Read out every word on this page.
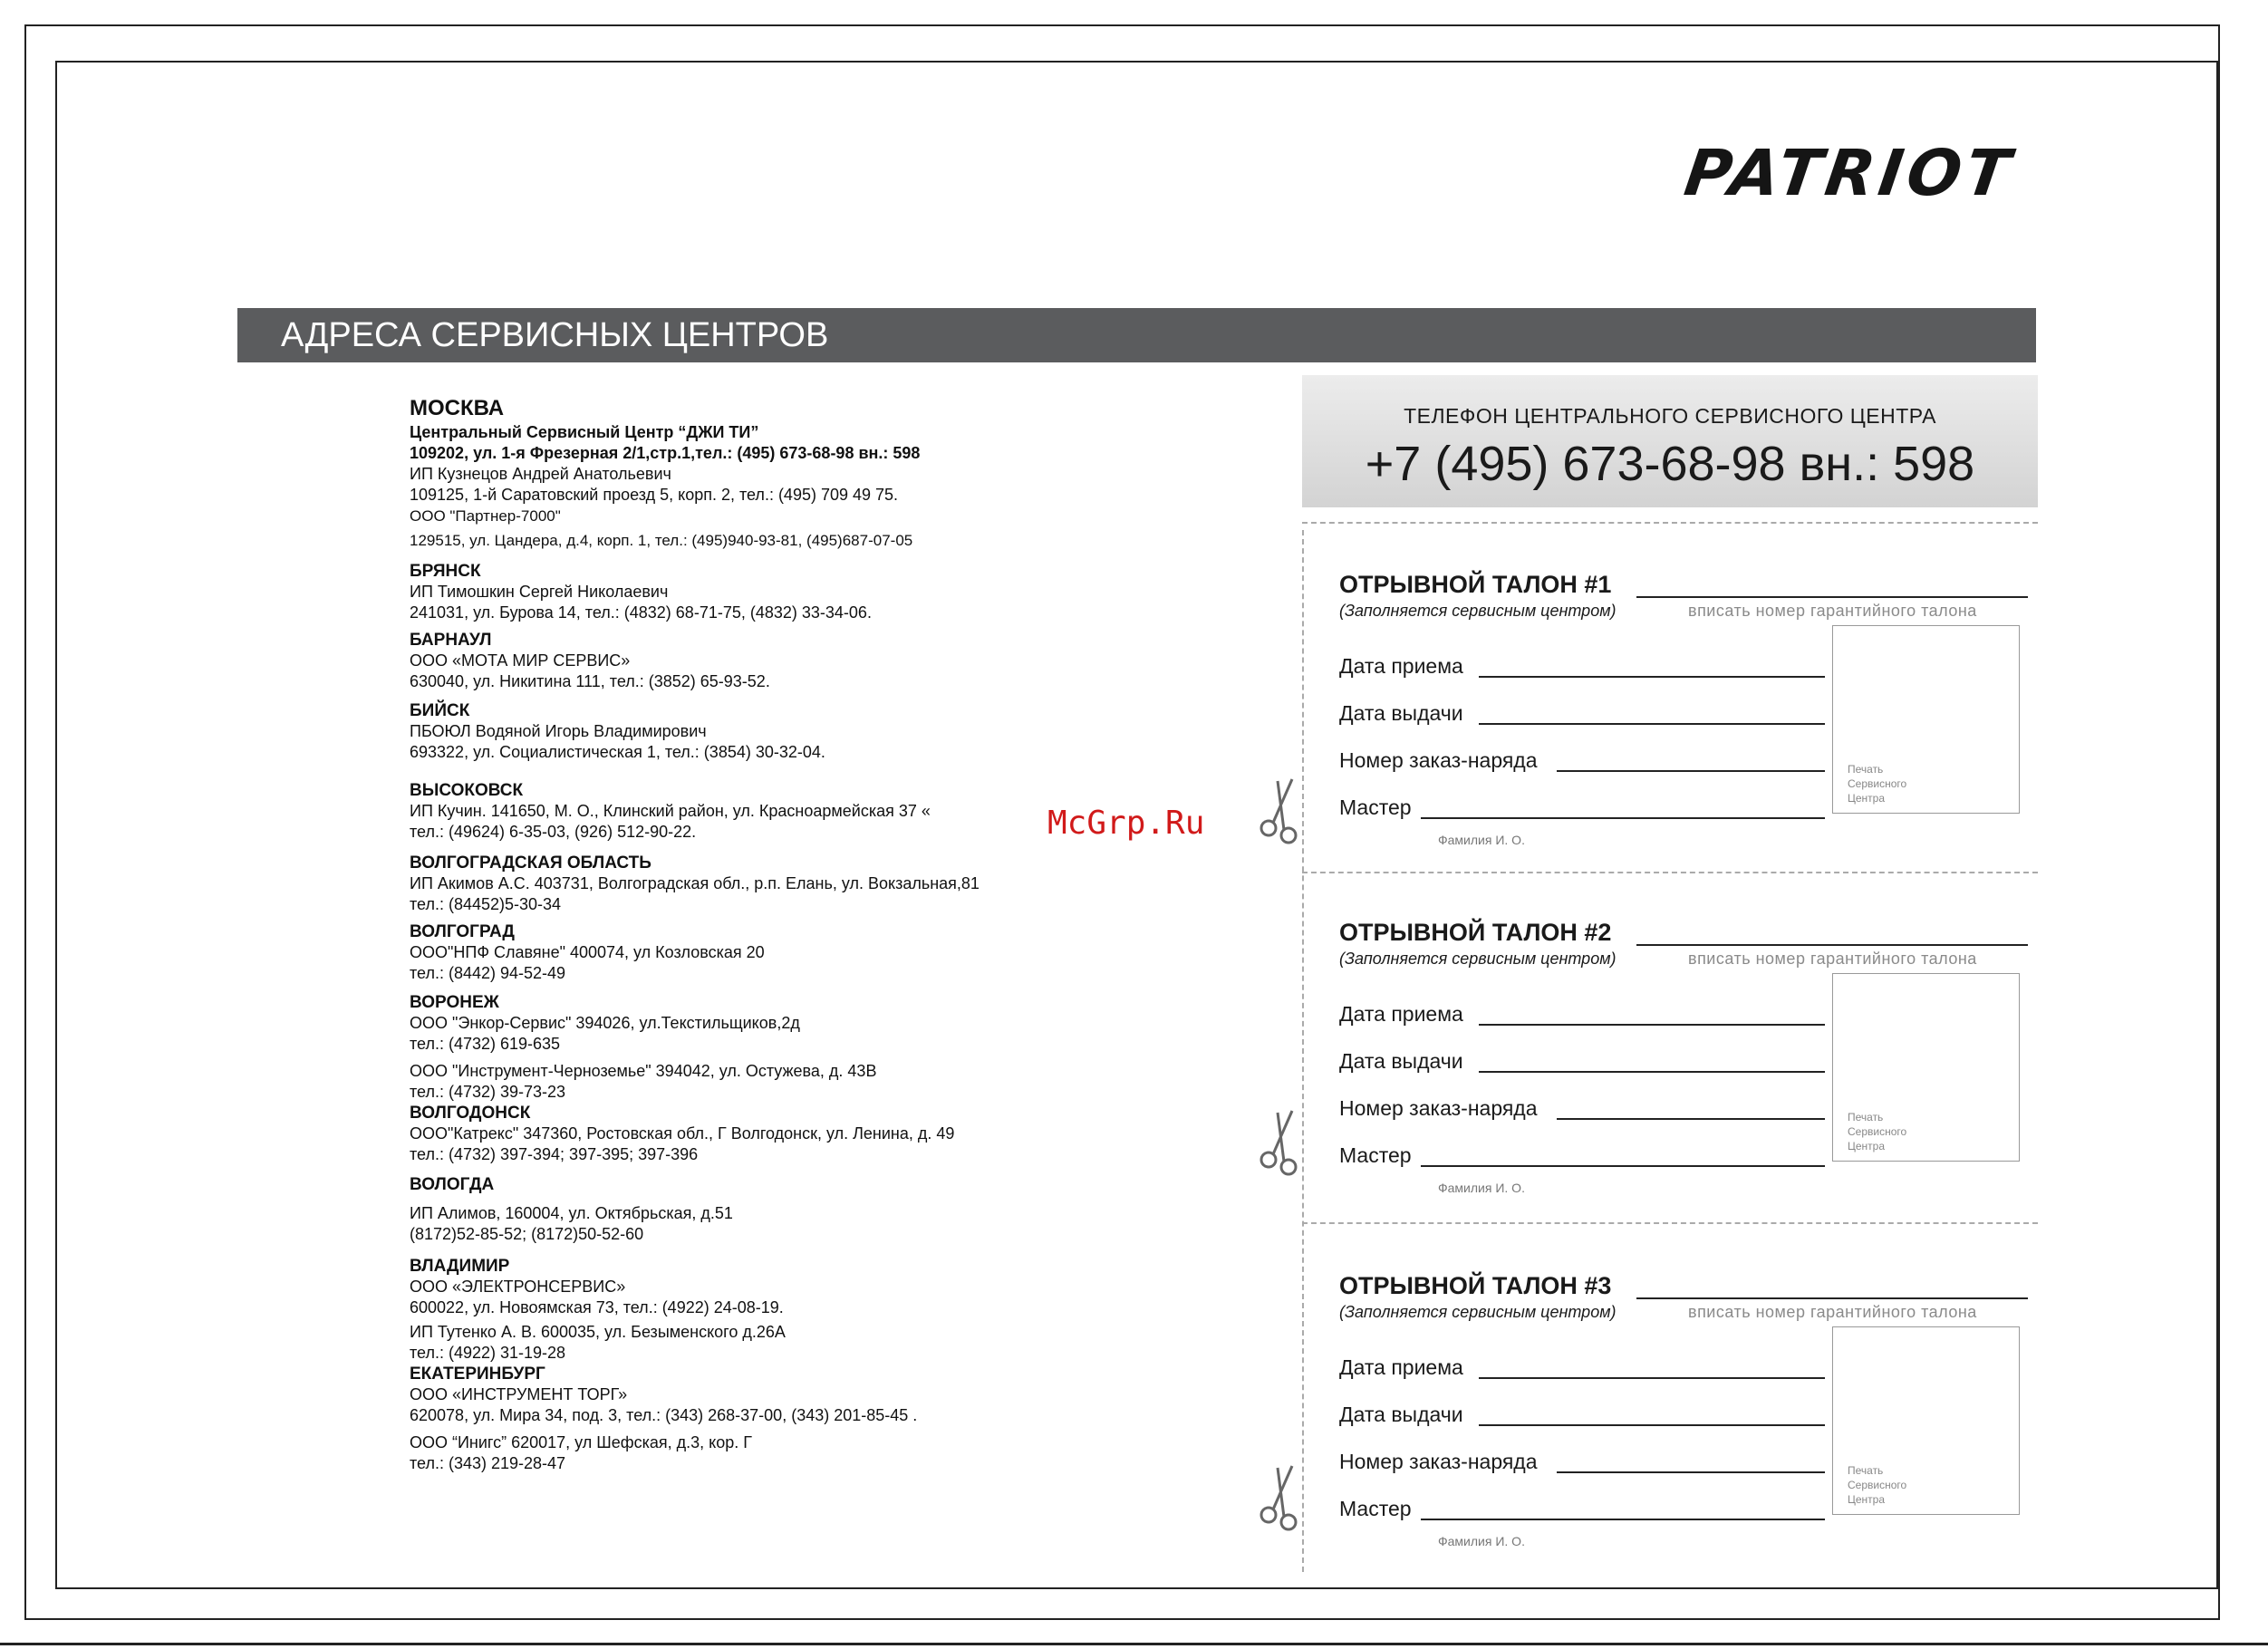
PATRIOT
АДРЕСА СЕРВИСНЫХ ЦЕНТРОВ
МОСКВА
Центральный Сервисный Центр “ДЖИ ТИ”
109202, ул. 1-я Фрезерная 2/1,стр.1,тел.: (495) 673-68-98 вн.: 598
ИП Кузнецов Андрей Анатольевич
109125, 1-й Саратовский проезд 5, корп. 2, тел.: (495) 709 49 75.
ООО "Партнер-7000"
129515, ул. Цандера, д.4, корп. 1, тел.: (495)940-93-81, (495)687-07-05
БРЯНСК
ИП Тимошкин Сергей Николаевич
241031, ул. Бурова 14, тел.: (4832) 68-71-75, (4832) 33-34-06.
БАРНАУЛ
ООО «МОТА МИР СЕРВИС»
630040, ул. Никитина 111, тел.: (3852) 65-93-52.
БИЙСК
ПБОЮЛ Водяной Игорь Владимирович
693322, ул. Социалистическая 1, тел.: (3854) 30-32-04.
ВЫСОКОВСК
ИП Кучин. 141650, М. О., Клинский район, ул. Красноармейская 37 «
тел.: (49624) 6-35-03, (926) 512-90-22.
ВОЛГОГРАДСКАЯ ОБЛАСТЬ
ИП Акимов А.С. 403731, Волгоградская обл., р.п. Елань, ул. Вокзальная,81
тел.: (84452)5-30-34
ВОЛГОГРАД
ООО"НПФ Славяне" 400074, ул Козловская 20
тел.: (8442) 94-52-49
ВОРОНЕЖ
ООО "Энкор-Сервис" 394026, ул.Текстильщиков,2д
тел.: (4732) 619-635
ООО "Инструмент-Черноземье" 394042, ул. Остужева, д. 43В
тел.: (4732) 39-73-23
ВОЛГОДОНСК
ООО"Катрекс" 347360, Ростовская обл., Г Волгодонск, ул. Ленина, д. 49
тел.: (4732) 397-394; 397-395; 397-396
ВОЛОГДА
ИП Алимов, 160004, ул. Октябрьская, д.51
(8172)52-85-52; (8172)50-52-60
ВЛАДИМИР
ООО «ЭЛЕКТРОНСЕРВИС»
600022, ул. Новоямская 73, тел.: (4922) 24-08-19.
ИП Тутенко А. В. 600035, ул. Безыменского д.26А
тел.: (4922) 31-19-28
ЕКАТЕРИНБУРГ
ООО «ИНСТРУМЕНТ ТОРГ»
620078, ул. Мира 34, под. 3, тел.: (343) 268-37-00, (343) 201-85-45 .
ООО “Инигс” 620017, ул Шефская, д.3, кор. Г
тел.: (343) 219-28-47
ТЕЛЕФОН ЦЕНТРАЛЬНОГО СЕРВИСНОГО ЦЕНТРА
+7 (495) 673-68-98 вн.: 598
ОТРЫВНОЙ ТАЛОН #1
(Заполняется сервисным центром)	вписать номер гарантийного талона
Дата приема
Дата выдачи
Номер заказ-наряда
Мастер
Фамилия И. О.
Печать
Сервисного
Центра
ОТРЫВНОЙ ТАЛОН #2
(Заполняется сервисным центром)	вписать номер гарантийного талона
Дата приема
Дата выдачи
Номер заказ-наряда
Мастер
Фамилия И. О.
Печать
Сервисного
Центра
ОТРЫВНОЙ ТАЛОН #3
(Заполняется сервисным центром)	вписать номер гарантийного талона
Дата приема
Дата выдачи
Номер заказ-наряда
Мастер
Фамилия И. О.
Печать
Сервисного
Центра
McGrp.Ru
